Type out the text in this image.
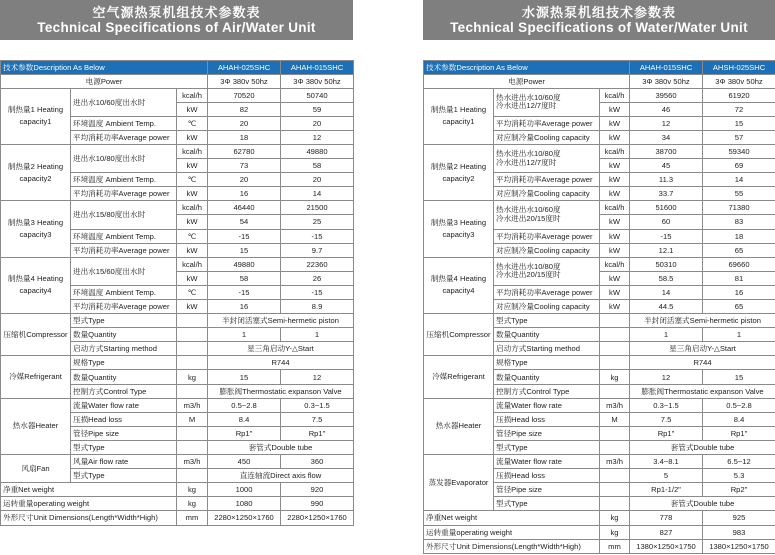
空气源热泵机组技术参数表
Technical Specifications of Air/Water Unit
水源热泵机组技术参数表
Technical Specifications of Water/Water Unit
技术参数Description As Below			AHAH-025SHC	AHAH-015SHC
电源Power			3Φ 380v 50hz	3Φ 380v 50hz
制热量1 Heating capacity1	进出水10/60度出水时	kcal/h	70520	50740
		kW	82	59
	环境温度 Ambient Temp.	℃	20	20
	平均消耗功率Average power	kW	18	12
制热量2 Heating capacity2	进出水10/80度出水时	kcal/h	62780	49880
		kW	73	58
	环境温度 Ambient Temp.	℃	20	20
	平均消耗功率Average power	kW	16	14
制热量3 Heating capacity3	进出水15/80度出水时	kcal/h	46440	21500
		kW	54	25
	环境温度 Ambient Temp.	℃	-15	-15
	平均消耗功率Average power	kW	15	9.7
制热量4 Heating capacity4	进出水15/60度出水时	kcal/h	49880	22360
		kW	58	26
	环境温度 Ambient Temp.	℃	-15	-15
	平均消耗功率Average power	kW	16	8.9
压缩机Compressor	型式Type		半封闭活塞式Semi-hermetic piston	
	数量Quantity		1	1
	启动方式Starting method		星三角启动Y-△Start	
冷媒Refrigerant	规格Type		R744	
	数量Quantity	kg	15	12
	控制方式Control Type		膨胀阀Thermostatic expanson Valve	
热水器Heater	流量Water flow rate	m3/h	0.5~2.8	0.3~1.5
	压损Head loss	M	8.4	7.5
	管径Pipe size		Rp1"	Rp1"
	型式Type		套管式Double tube	
风扇Fan	风量Air flow rate	m3/h	450	360
	型式Type		直连轴流Direct axis flow	
净重Net weight		kg	1000	920
运转重量operating weight		kg	1080	990
外形尺寸Unit Dimensions(Length*Width*High)		mm	2280×1250×1760	2280×1250×1760
技术参数Description As Below			AHAH-015SHC	AHSH-025SHC
电源Power			3Φ 380v 50hz	3Φ 380v 50hz
制热量1 Heating capacity1	热水进出水10/60度
冷水进出12/7度时	kcal/h	39560	61920
		kW	46	72
	平均消耗功率Average power	kW	12	15
	对应制冷量Cooling capacity	kW	34	57
制热量2 Heating capacity2	热水进出水10/80度
冷水进出12/7度时	kcal/h	38700	59340
		kW	45	69
	平均消耗功率Average power	kW	11.3	14
	对应制冷量Cooling capacity	kW	33.7	55
制热量3 Heating capacity3	热水进出水10/60度
冷水进出20/15度时	kcal/h	51600	71380
		kW	60	83
	平均消耗功率Average power	kW	-15	18
	对应制冷量Cooling capacity	kW	12.1	65
制热量4 Heating capacity4	热水进出水10/80度
冷水进出20/15度时	kcal/h	50310	69660
		kW	58.5	81
	平均消耗功率Average power	kW	14	16
	对应制冷量Cooling capacity	kW	44.5	65
压缩机Compressor	型式Type		半封闭活塞式Semi-hermetic piston	
	数量Quantity		1	1
	启动方式Starting method		星三角启动Y-△Start	
冷媒Refrigerant	规格Type		R744	
	数量Quantity	kg	12	15
	控制方式Control Type		膨胀阀Thermostatic expanson Valve	
热水器Heater	流量Water flow rate	m3/h	0.3~1.5	0.5~2.8
	压损Head loss	M	7.5	8.4
	管径Pipe size		Rp1"	Rp1"
	型式Type		套管式Double tube	
蒸发器Evaporator	流量Water flow rate	m3/h	3.4~8.1	6.5~12
	压损Head loss		5	5.3
	管径Pipe size		Rp1-1/2"	Rp2"
	型式Type		套管式Double tube	
净重Net weight		kg	778	925
运转重量operating weight		kg	827	983
外形尺寸Unit Dimensions(Length*Width*High)		mm	1380×1250×1750	1380×1250×1750
